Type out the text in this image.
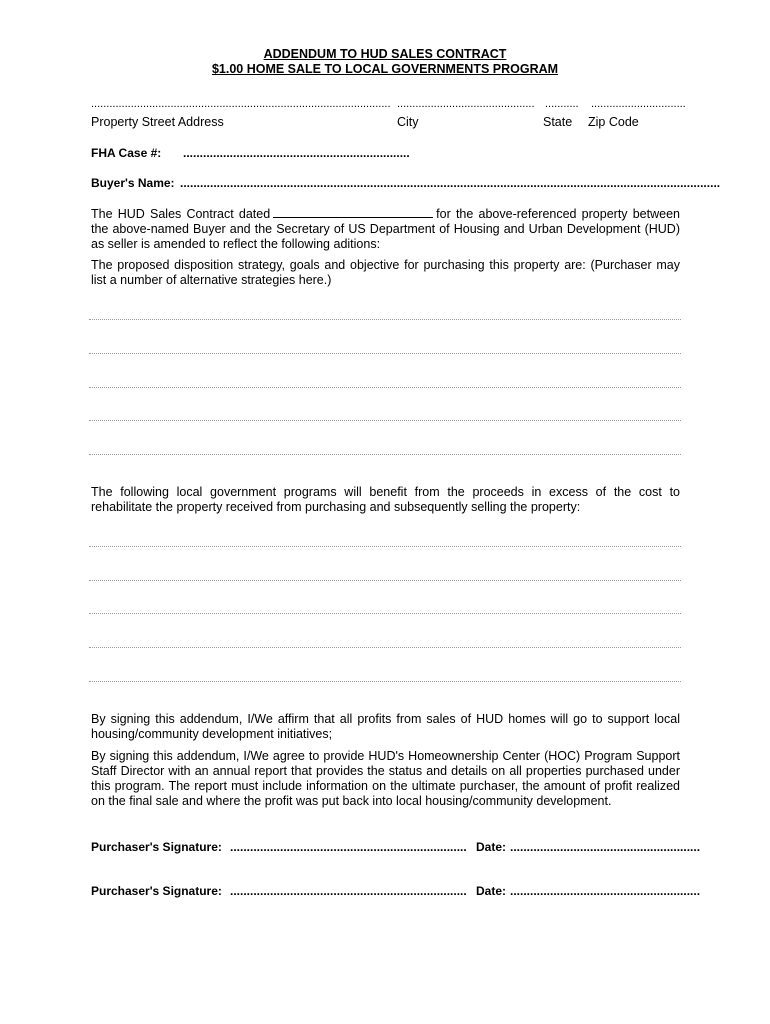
ADDENDUM TO HUD SALES CONTRACT
$1.00 HOME SALE TO LOCAL GOVERNMENTS PROGRAM
.................................................................................................. ............................................. ........... ...............................
Property Street Address	City	State Zip Code
FHA Case #: ....................................................................
Buyer's Name: ..................................................................................................................................................................
The HUD Sales Contract dated	for the above-referenced property between the above-named Buyer and the Secretary of US Department of Housing and Urban Development (HUD) as seller is amended to reflect the following aditions:
The proposed disposition strategy, goals and objective for purchasing this property are: (Purchaser may list a number of alternative strategies here.)
The following local government programs will benefit from the proceeds in excess of the cost to rehabilitate the property received from purchasing and subsequently selling the property:
By signing this addendum, I/We affirm that all profits from sales of HUD homes will go to support local housing/community development initiatives;
By signing this addendum, I/We agree to provide HUD's Homeownership Center (HOC) Program Support Staff Director with an annual report that provides the status and details on all properties purchased under this program. The report must include information on the ultimate purchaser, the amount of profit realized on the final sale and where the profit was put back into local housing/community development.
Purchaser's Signature: ....................................................................... Date: .........................................................
Purchaser's Signature: ....................................................................... Date: .........................................................
